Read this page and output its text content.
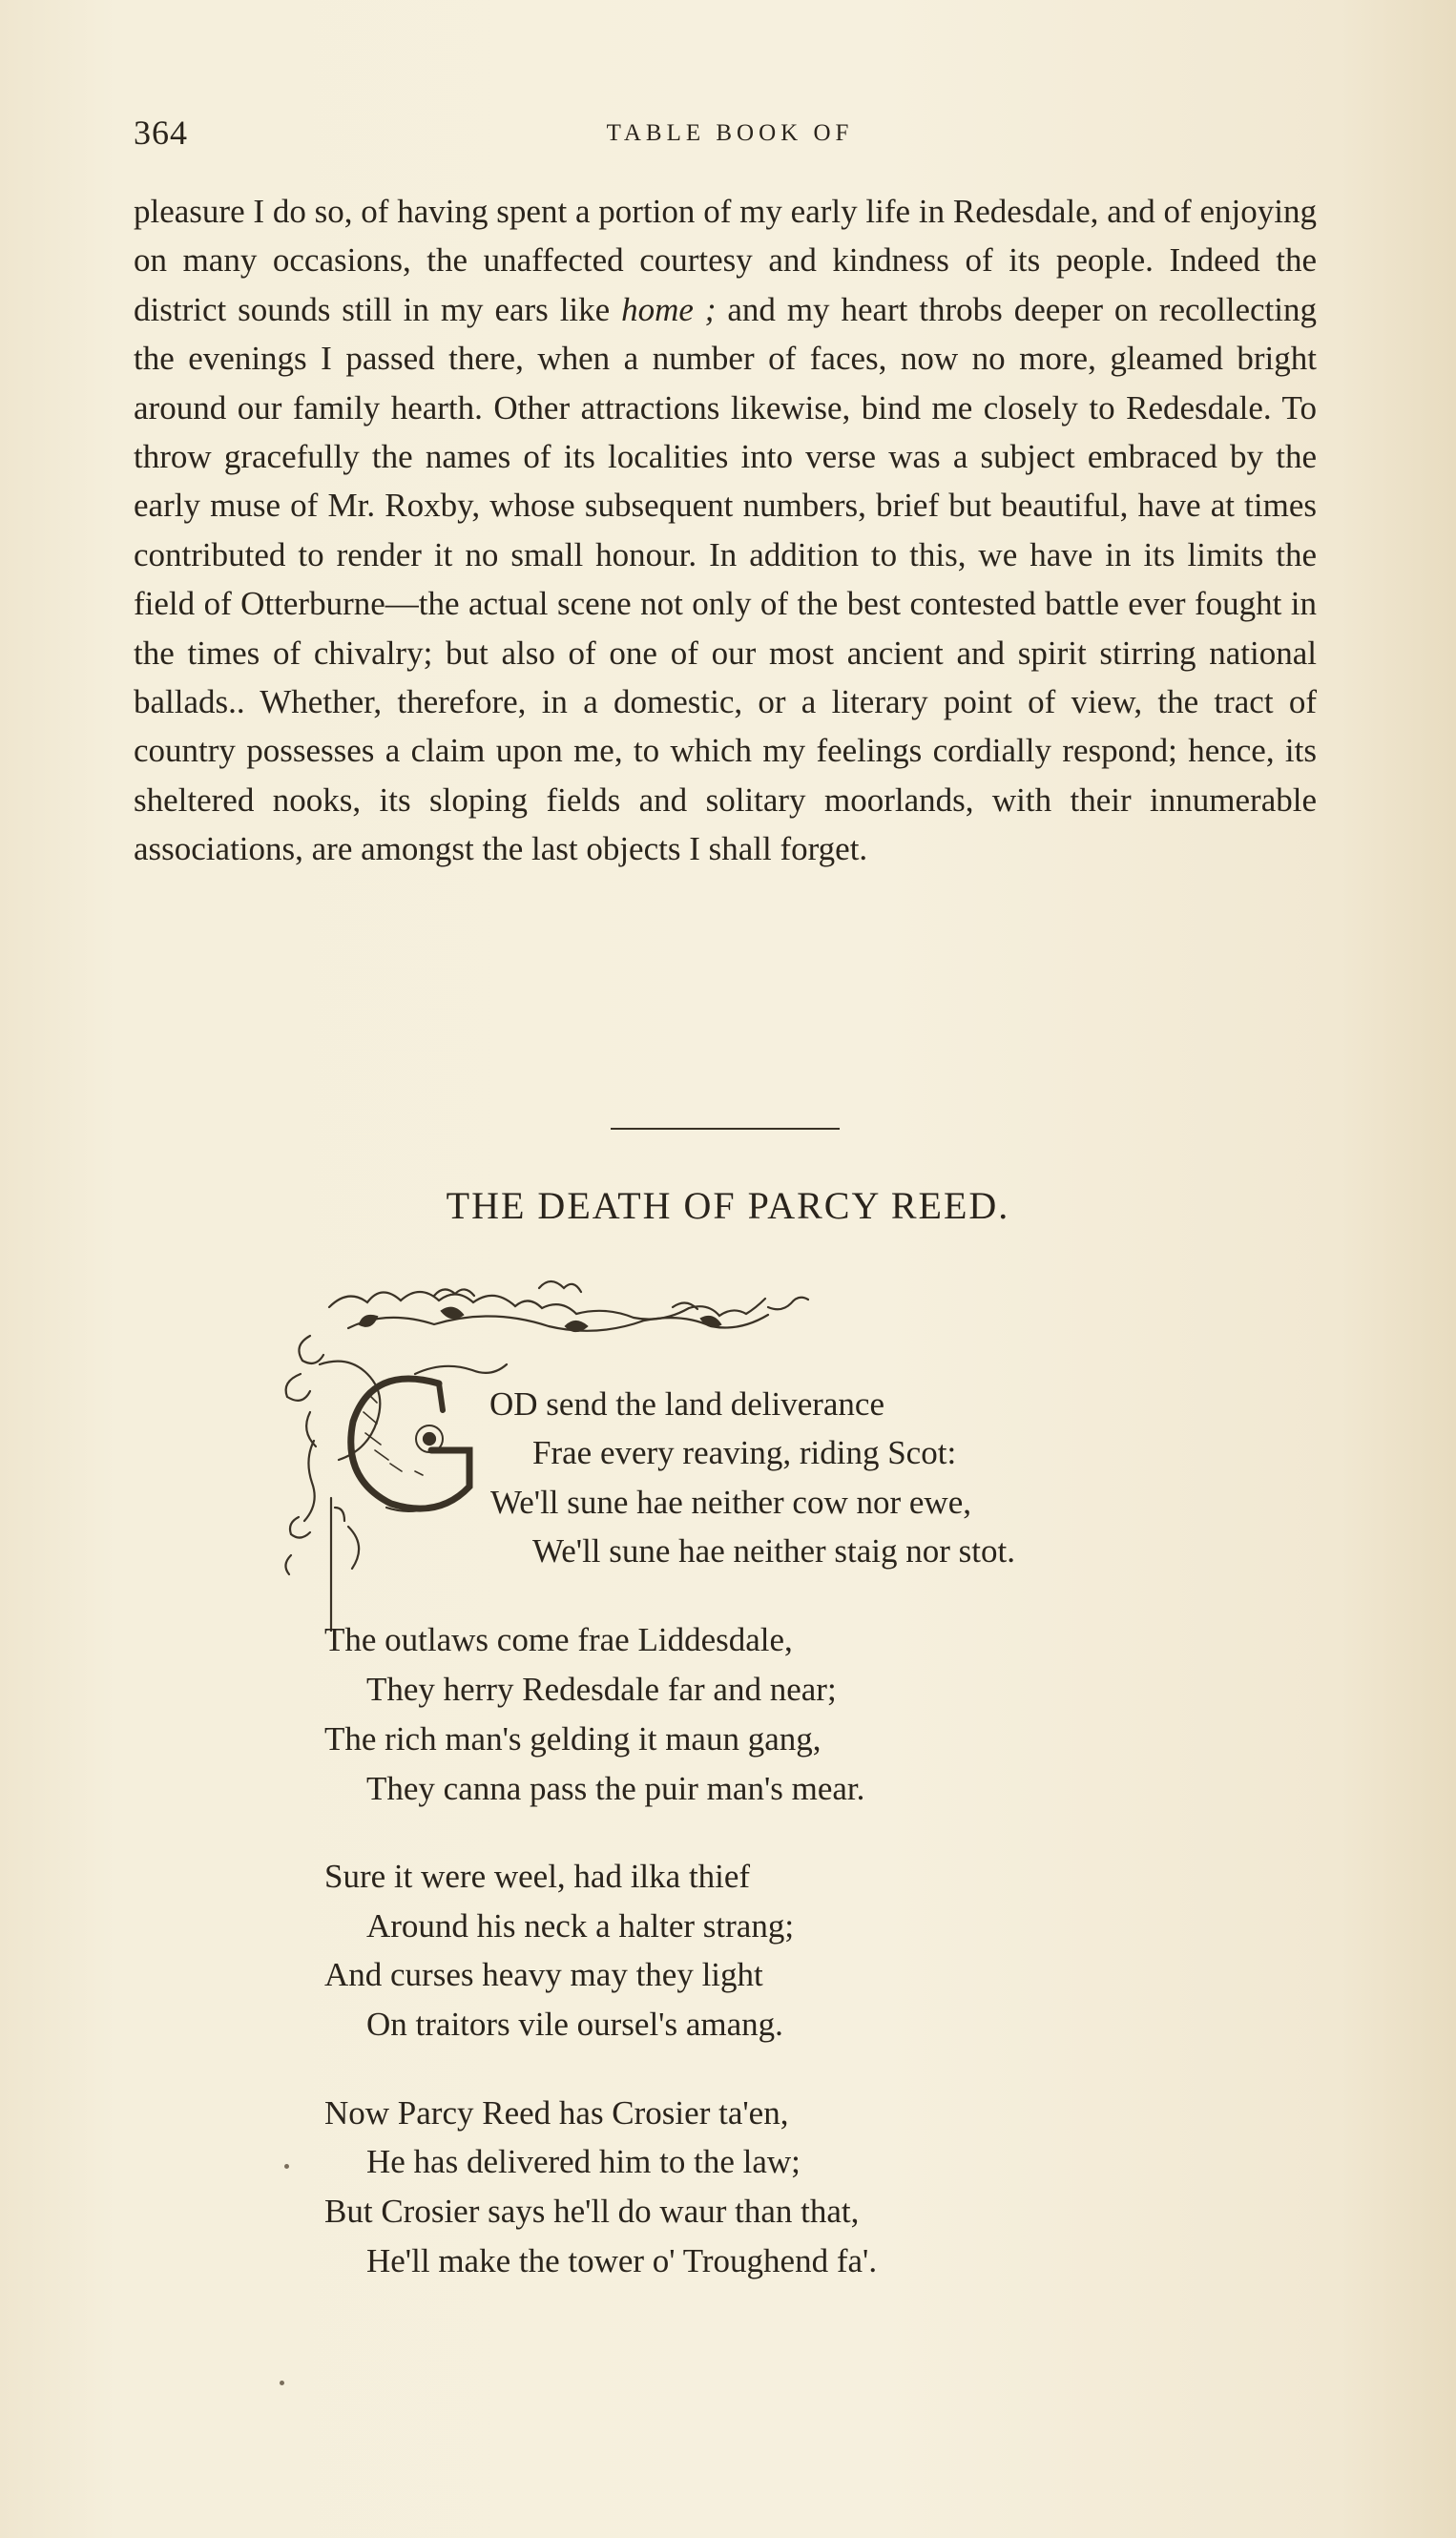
364	TABLE BOOK OF

pleasure I do so, of having spent a portion of my early life in Redesdale, and of enjoying on many occasions, the unaffected courtesy and kindness of its people. Indeed the district sounds still in my ears like home ; and my heart throbs deeper on recollecting the evenings I passed there, when a number of faces, now no more, gleamed bright around our family hearth. Other attractions likewise, bind me closely to Redesdale. To throw gracefully the names of its localities into verse was a subject embraced by the early muse of Mr. Roxby, whose subsequent numbers, brief but beautiful, have at times contributed to render it no small honour. In addition to this, we have in its limits the field of Otterburne—the actual scene not only of the best contested battle ever fought in the times of chivalry; but also of one of our most ancient and spirit stirring national ballads.. Whether, therefore, in a domestic, or a literary point of view, the tract of country possesses a claim upon me, to which my feelings cordially respond; hence, its sheltered nooks, its sloping fields and solitary moorlands, with their innumerable associations, are amongst the last objects I shall forget.

THE DEATH OF PARCY REED.
OD send the land deliverance
Frae every reaving, riding Scot:
We'll sune hae neither cow nor ewe,
We'll sune hae neither staig nor stot.
The outlaws come frae Liddesdale,
They herry Redesdale far and near;
The rich man's gelding it maun gang,
They canna pass the puir man's mear.
Sure it were weel, had ilka thief
Around his neck a halter strang;
And curses heavy may they light
On traitors vile oursel's amang.
Now Parcy Reed has Crosier ta'en,
He has delivered him to the law;
But Crosier says he'll do waur than that,
He'll make the tower o' Troughend fa'.
